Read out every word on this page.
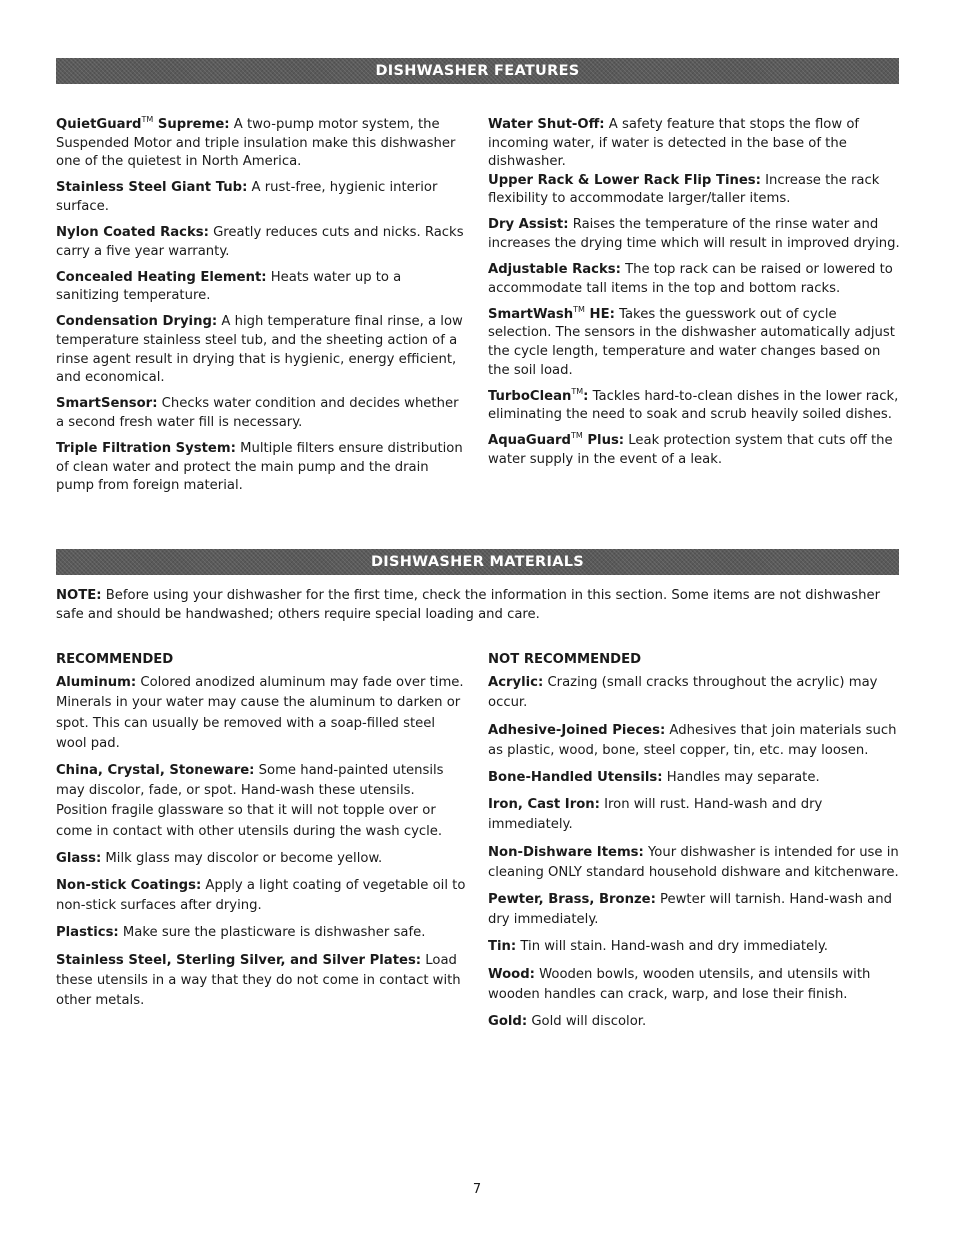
DISHWASHER FEATURES

QuietGuard™ Supreme: A two-pump motor system, the Suspended Motor and triple insulation make this dishwasher one of the quietest in North America.

Stainless Steel Giant Tub: A rust-free, hygienic interior surface.

Nylon Coated Racks: Greatly reduces cuts and nicks. Racks carry a five year warranty.

Concealed Heating Element: Heats water up to a sanitizing temperature.

Condensation Drying: A high temperature final rinse, a low temperature stainless steel tub, and the sheeting action of a rinse agent result in drying that is hygienic, energy efficient, and economical.

SmartSensor: Checks water condition and decides whether a second fresh water fill is necessary.

Triple Filtration System: Multiple filters ensure distribution of clean water and protect the main pump and the drain pump from foreign material.

Water Shut-Off: A safety feature that stops the flow of incoming water, if water is detected in the base of the dishwasher.

Upper Rack & Lower Rack Flip Tines: Increase the rack flexibility to accommodate larger/taller items.

Dry Assist: Raises the temperature of the rinse water and increases the drying time which will result in improved drying.

Adjustable Racks: The top rack can be raised or lowered to accommodate tall items in the top and bottom racks.

SmartWash™ HE: Takes the guesswork out of cycle selection. The sensors in the dishwasher automatically adjust the cycle length, temperature and water changes based on the soil load.

TurboClean™: Tackles hard-to-clean dishes in the lower rack, eliminating the need to soak and scrub heavily soiled dishes.

AquaGuard™ Plus: Leak protection system that cuts off the water supply in the event of a leak.

DISHWASHER MATERIALS
NOTE: Before using your dishwasher for the first time, check the information in this section. Some items are not dishwasher safe and should be handwashed; others require special loading and care.

RECOMMENDED

Aluminum: Colored anodized aluminum may fade over time. Minerals in your water may cause the aluminum to darken or spot. This can usually be removed with a soap-filled steel wool pad.

China, Crystal, Stoneware: Some hand-painted utensils may discolor, fade, or spot. Hand-wash these utensils. Position fragile glassware so that it will not topple over or come in contact with other utensils during the wash cycle.

Glass: Milk glass may discolor or become yellow.

Non-stick Coatings: Apply a light coating of vegetable oil to non-stick surfaces after drying.

Plastics: Make sure the plasticware is dishwasher safe.

Stainless Steel, Sterling Silver, and Silver Plates: Load these utensils in a way that they do not come in contact with other metals.

NOT RECOMMENDED

Acrylic: Crazing (small cracks throughout the acrylic) may occur.

Adhesive-Joined Pieces: Adhesives that join materials such as plastic, wood, bone, steel copper, tin, etc. may loosen.

Bone-Handled Utensils: Handles may separate.

Iron, Cast Iron: Iron will rust. Hand-wash and dry immediately.

Non-Dishware Items: Your dishwasher is intended for use in cleaning ONLY standard household dishware and kitchenware.

Pewter, Brass, Bronze: Pewter will tarnish. Hand-wash and dry immediately.

Tin: Tin will stain. Hand-wash and dry immediately.

Wood: Wooden bowls, wooden utensils, and utensils with wooden handles can crack, warp, and lose their finish.

Gold: Gold will discolor.

7
